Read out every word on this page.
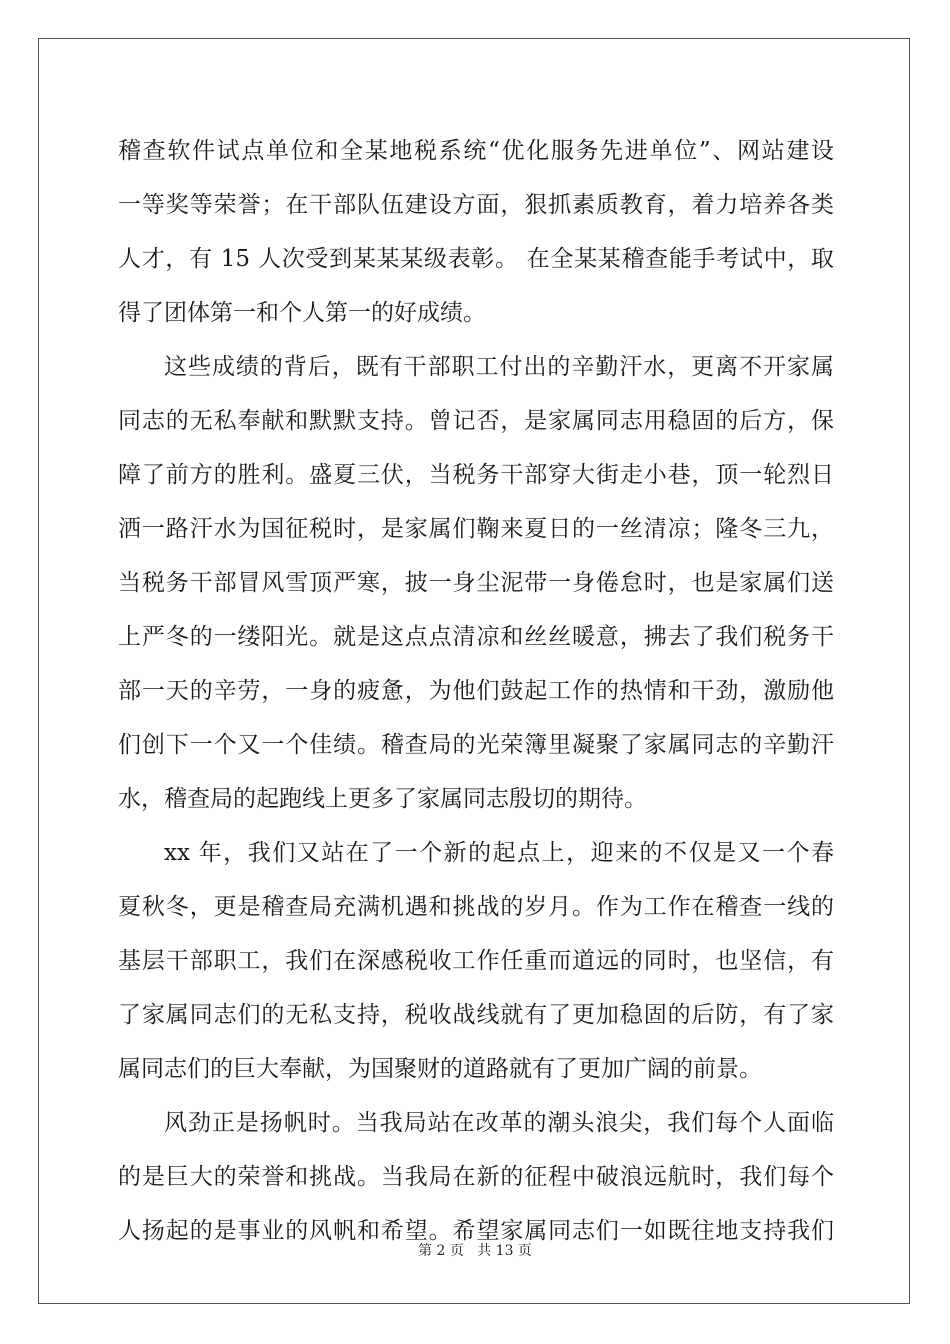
稽查软件试点单位和全某地税系统“优化服务先进单位”、网站建设
一等奖等荣誉；在干部队伍建设方面，狠抓素质教育，着力培养各类
人才，有 15 人次受到某某某级表彰。 在全某某稽查能手考试中，取
得了团体第一和个人第一的好成绩。
这些成绩的背后，既有干部职工付出的辛勤汗水，更离不开家属
同志的无私奉献和默默支持。曾记否，是家属同志用稳固的后方，保
障了前方的胜利。盛夏三伏，当税务干部穿大街走小巷，顶一轮烈日
洒一路汗水为国征税时，是家属们鞠来夏日的一丝清凉；隆冬三九，
当税务干部冒风雪顶严寒，披一身尘泥带一身倦怠时，也是家属们送
上严冬的一缕阳光。就是这点点清凉和丝丝暖意，拂去了我们税务干
部一天的辛劳，一身的疲惫，为他们鼓起工作的热情和干劲，激励他
们创下一个又一个佳绩。稽查局的光荣簿里凝聚了家属同志的辛勤汗
水，稽查局的起跑线上更多了家属同志殷切的期待。
xx 年，我们又站在了一个新的起点上，迎来的不仅是又一个春
夏秋冬，更是稽查局充满机遇和挑战的岁月。作为工作在稽查一线的
基层干部职工，我们在深感税收工作任重而道远的同时，也坚信，有
了家属同志们的无私支持，税收战线就有了更加稳固的后防，有了家
属同志们的巨大奉献，为国聚财的道路就有了更加广阔的前景。
风劲正是扬帆时。当我局站在改革的潮头浪尖，我们每个人面临
的是巨大的荣誉和挑战。当我局在新的征程中破浪远航时，我们每个
人扬起的是事业的风帆和希望。希望家属同志们一如既往地支持我们
第 2 页   共 13 页
